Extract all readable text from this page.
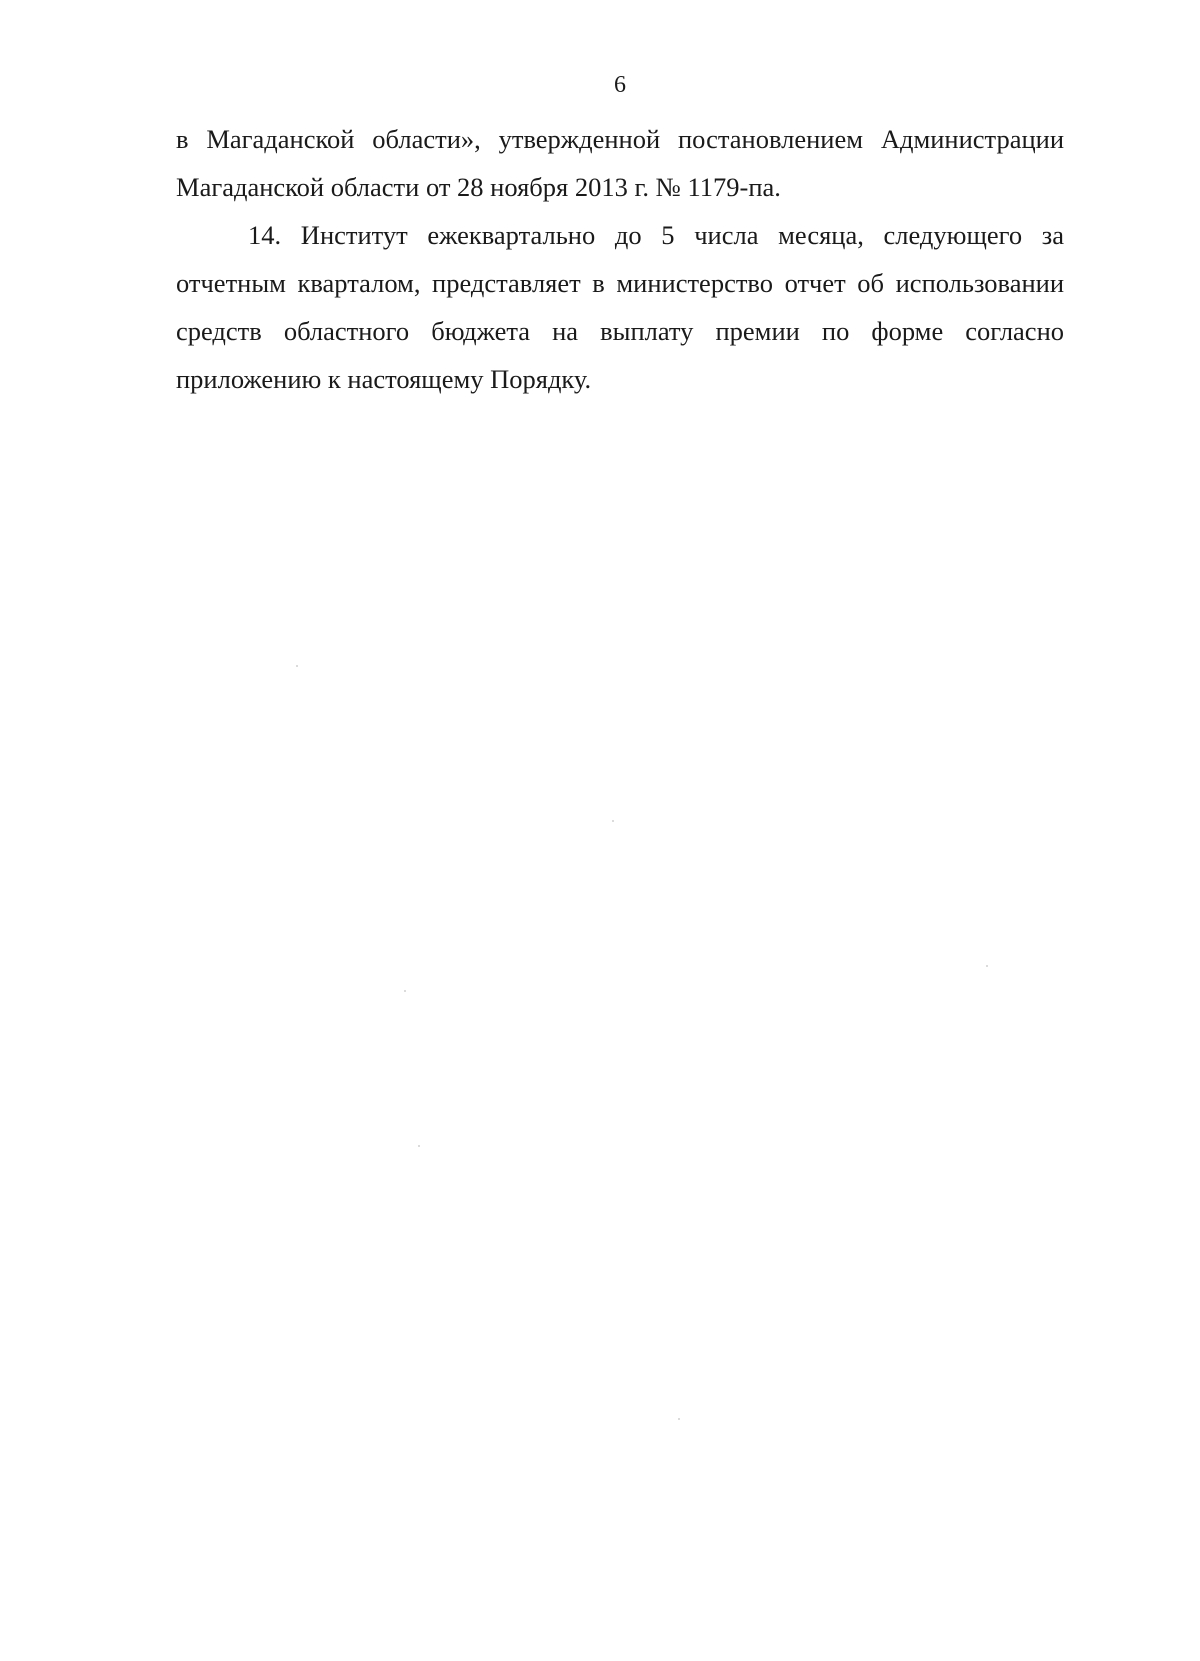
6

в Магаданской области», утвержденной постановлением Администрации Магаданской области от 28 ноября 2013 г. № 1179-па.

14. Институт ежеквартально до 5 числа месяца, следующего за отчетным кварталом, представляет в министерство отчет об использовании средств областного бюджета на выплату премии по форме согласно приложению к настоящему Порядку.
